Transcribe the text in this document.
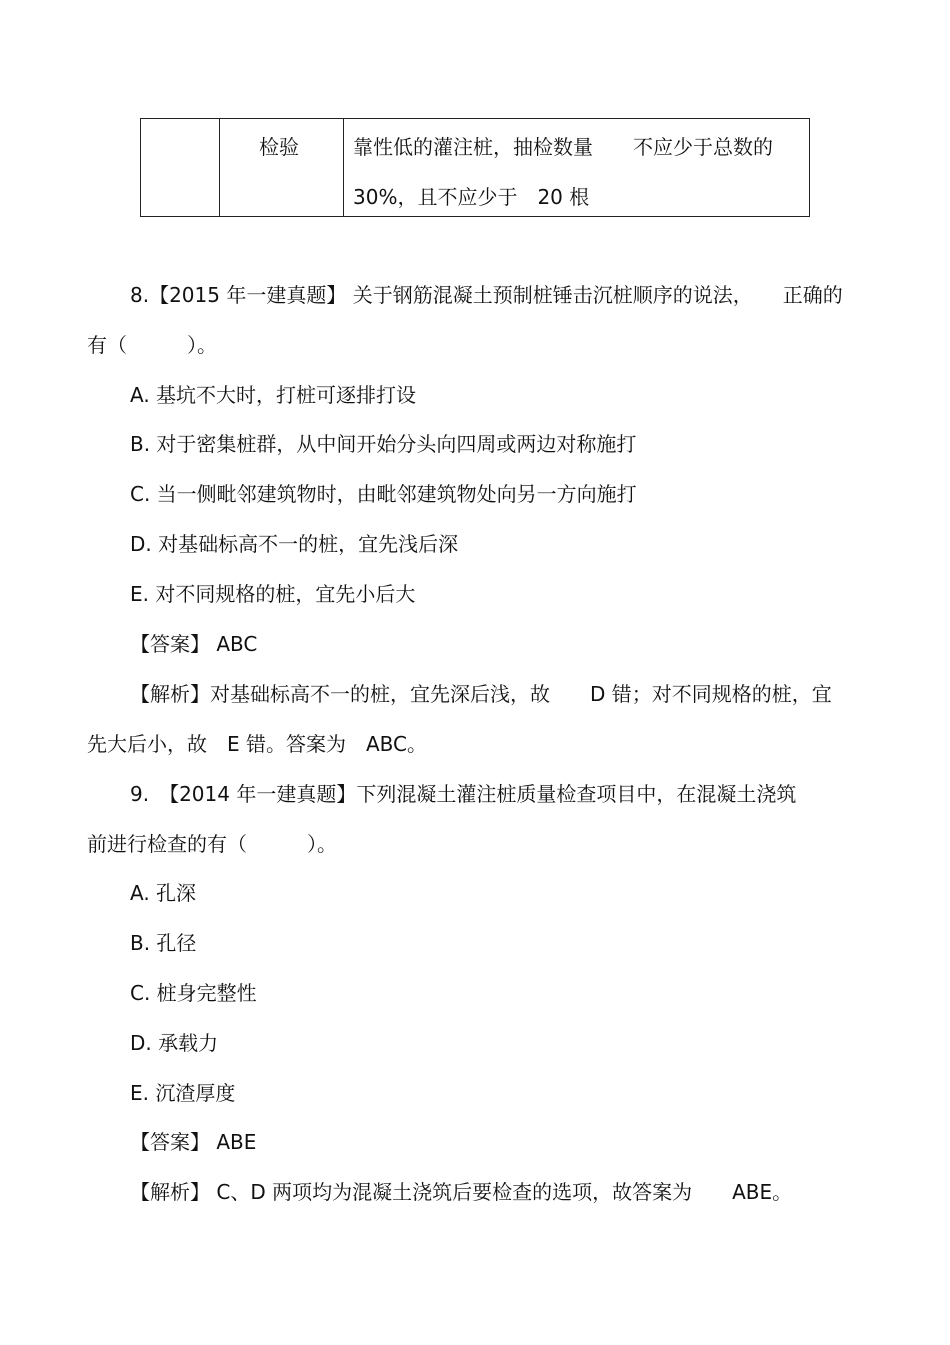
检验	靠性低的灌注桩，抽检数量　　不应少于总数的
30%，且不应少于　20 根
8.【2015 年一建真题】 关于钢筋混凝土预制桩锤击沉桩顺序的说法，　　正确的
有（　　　）。
A. 基坑不大时，打桩可逐排打设
B. 对于密集桩群，从中间开始分头向四周或两边对称施打
C. 当一侧毗邻建筑物时，由毗邻建筑物处向另一方向施打
D. 对基础标高不一的桩，宜先浅后深
E. 对不同规格的桩，宜先小后大
【答案】 ABC
【解析】对基础标高不一的桩，宜先深后浅，故　　D 错；对不同规格的桩，宜
先大后小，故　E 错。答案为　ABC。
9.　【2014 年一建真题】下列混凝土灌注桩质量检查项目中，在混凝土浇筑
前进行检查的有（　　　）。
A. 孔深
B. 孔径
C. 桩身完整性
D. 承载力
E. 沉渣厚度
【答案】 ABE
【解析】 C、D 两项均为混凝土浇筑后要检查的选项，故答案为　　ABE。
